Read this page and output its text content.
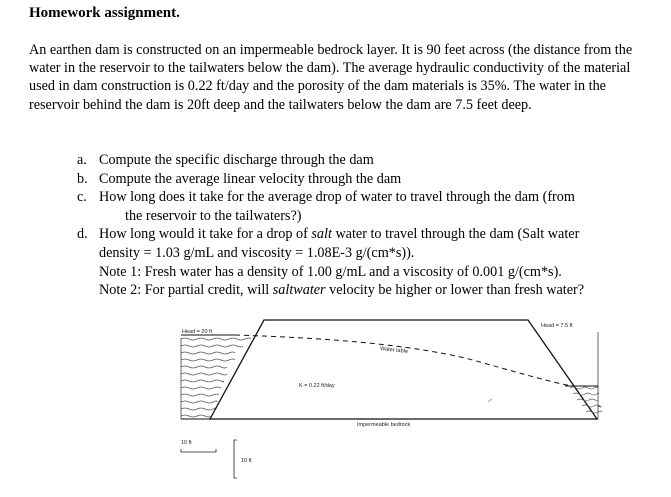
Homework assignment.
An earthen dam is constructed on an impermeable bedrock layer. It is 90 feet across (the distance from the water in the reservoir to the tailwaters below the dam). The average hydraulic conductivity of the material used in dam construction is 0.22 ft/day and the porosity of the dam materials is 35%. The water in the reservoir behind the dam is 20ft deep and the tailwaters below the dam are 7.5 feet deep.
a. Compute the specific discharge through the dam
b. Compute the average linear velocity through the dam
c. How long does it take for the average drop of water to travel through the dam (from
the reservoir to the tailwaters?)
d. How long would it take for a drop of salt water to travel through the dam (Salt water
density = 1.03 g/mL and viscosity = 1.08E-3 g/(cm*s)).
Note 1: Fresh water has a density of 1.00 g/mL and a viscosity of 0.001 g/(cm*s).
Note 2: For partial credit, will saltwater velocity be higher or lower than fresh water?
Head = 20 ft
Head = 7.5 ft
Water table
K = 0.22 ft/day
Impermeable bedrock
10 ft
10 ft
